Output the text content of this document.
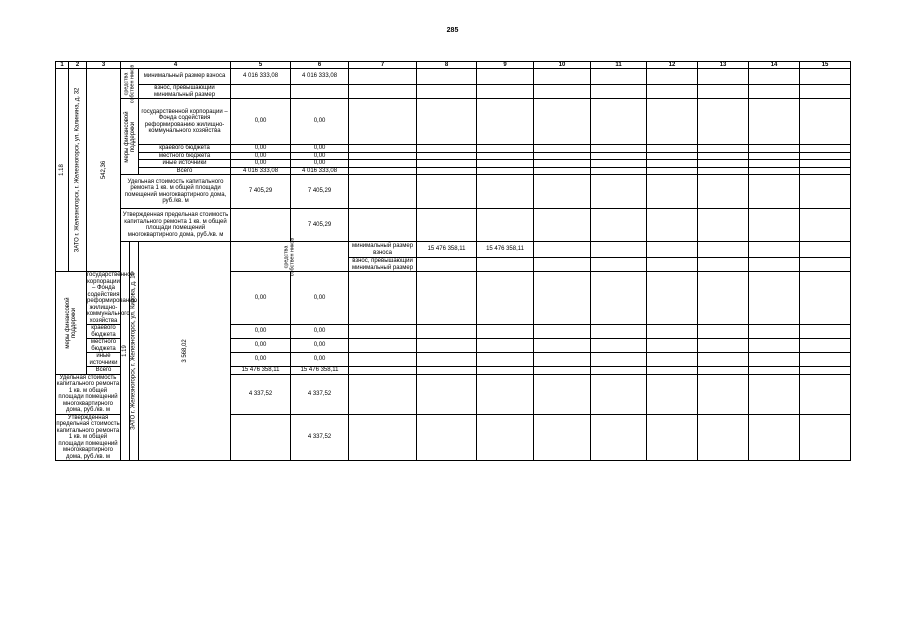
285
1	2	3	4			5	6	7	8	9	10	11	12	13	14	15	

1.18	ЗАТО г. Железногорск, г. Железногорск, ул. Калинина, д. 32	542,36	средства собствен ников		минимальный размер взноса	4 016 333,08	4 016 333,08										
					взнос, превышающий минимальный размер												

			меры финансовой поддержки		государственной корпорации – Фонда содействия реформированию жилищно-коммунального хозяйства	0,00	0,00										
					краевого бюджета	0,00	0,00										
					местного бюджета	0,00	0,00										
					иные источники	0,00	0,00										
					Всего	4 016 333,08	4 016 333,08										
			Удельная стоимость капитального ремонта 1 кв. м общей площади помещений многоквартирного дома, руб./кв. м			7 405,29	7 405,29										
			Утвержденная предельная стоимость капитального ремонта 1 кв. м общей площади помещений многоквартирного дома, руб./кв. м				7 405,29										

			1.19	ЗАТО г. Железногорск, г. Железногорск, ул. Кирова, д. 10	3 568,02	средства собствен ников		минимальный размер взноса	15 476 358,11	15 476 358,11									
								взнос, превышающий минимальный размер											

меры финансовой поддержки		государственной корпорации – Фонда содействия реформированию жилищно-коммунального хозяйства				0,00	0,00										
		краевого бюджета				0,00	0,00										
		местного бюджета				0,00	0,00										
		иные источники				0,00	0,00										
		Всего				15 476 358,11	15 476 358,11										
Удельная стоимость капитального ремонта 1 кв. м общей площади помещений многоквартирного дома, руб./кв. м						4 337,52	4 337,52										
Утвержденная предельная стоимость капитального ремонта 1 кв. м общей площади помещений многоквартирного дома, руб./кв. м							4 337,52										
